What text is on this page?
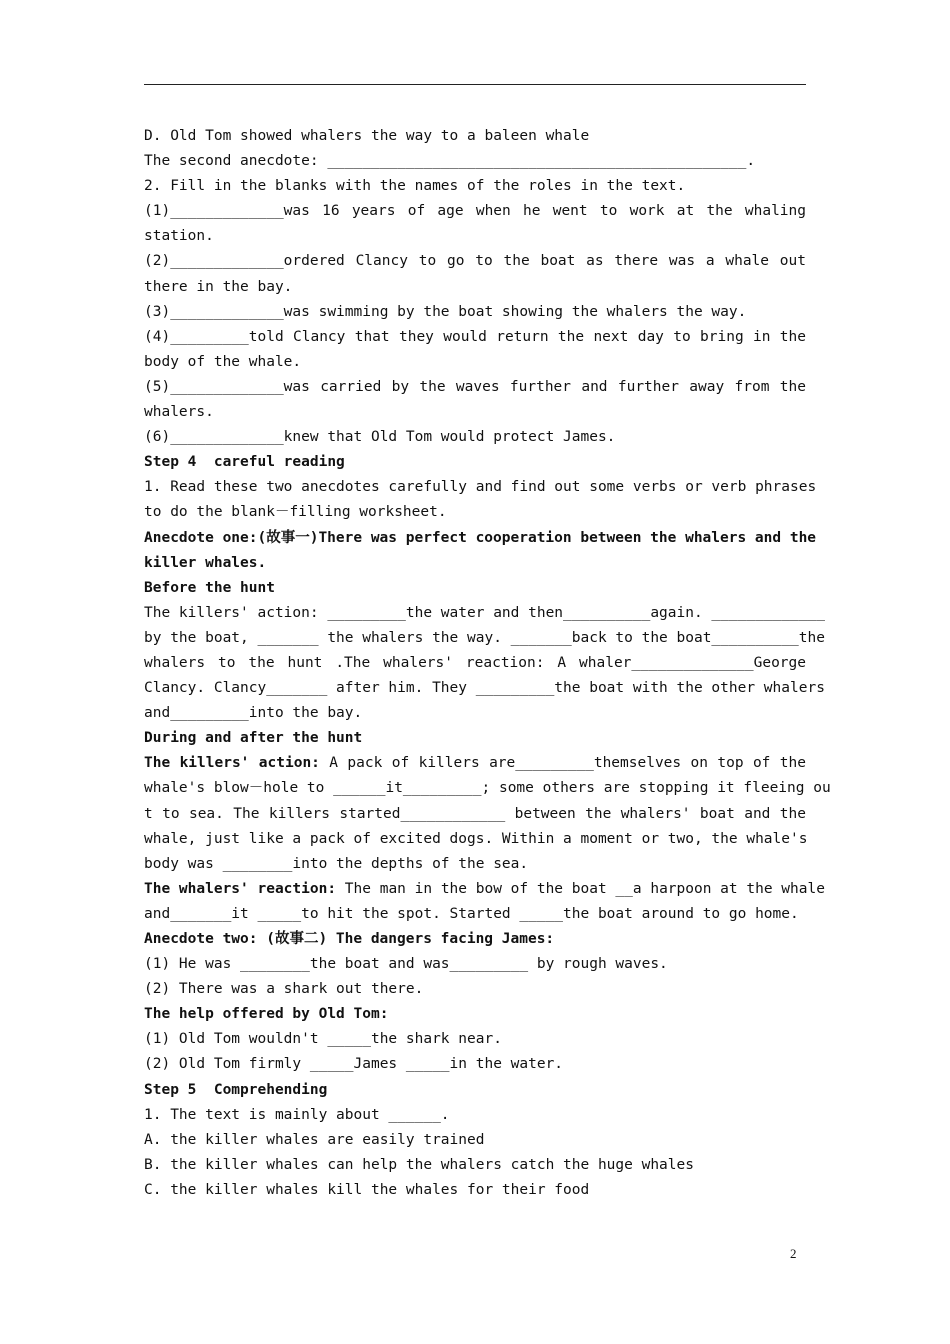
D. Old Tom showed whalers the way to a baleen whale
The second anecdote: ________________________________________________.
2. Fill in the blanks with the names of the roles in the text.
(1)_____________was 16 years of age when he went to work at the whaling
station.
(2)_____________ordered Clancy to go to the boat as there was a whale out
there in the bay.
(3)_____________was swimming by the boat showing the whalers the way.
(4)_________told Clancy that they would return the next day to bring in the
body of the whale.
(5)_____________was carried by the waves further and further away from the
whalers.
(6)_____________knew that Old Tom would protect James.
Step 4  careful reading
1. Read these two anecdotes carefully and find out some verbs or verb phrases
to do the blank－filling worksheet.
Anecdote one:(故事一)There was perfect cooperation between the whalers and the
killer whales.
Before the hunt
The killers' action: _________the water and then__________again. _____________
by the boat, _______ the whalers the way. _______back to the boat__________the
whalers to the hunt .The whalers' reaction: A whaler______________George
Clancy. Clancy_______ after him. They _________the boat with the other whalers
and_________into the bay.
During and after the hunt
The killers' action: A pack of killers are_________themselves on top of the
whale's blow－hole to ______it_________; some others are stopping it fleeing ou
t to sea. The killers started____________ between the whalers' boat and the
whale, just like a pack of excited dogs. Within a moment or two, the whale's
body was ________into the depths of the sea.
The whalers' reaction: The man in the bow of the boat __a harpoon at the whale
and_______it _____to hit the spot. Started _____the boat around to go home.
Anecdote two: (故事二) The dangers facing James:
(1) He was ________the boat and was_________ by rough waves.
(2) There was a shark out there.
The help offered by Old Tom:
(1) Old Tom wouldn't _____the shark near.
(2) Old Tom firmly _____James _____in the water.
Step 5  Comprehending
1. The text is mainly about ______.
A. the killer whales are easily trained
B. the killer whales can help the whalers catch the huge whales
C. the killer whales kill the whales for their food
2
